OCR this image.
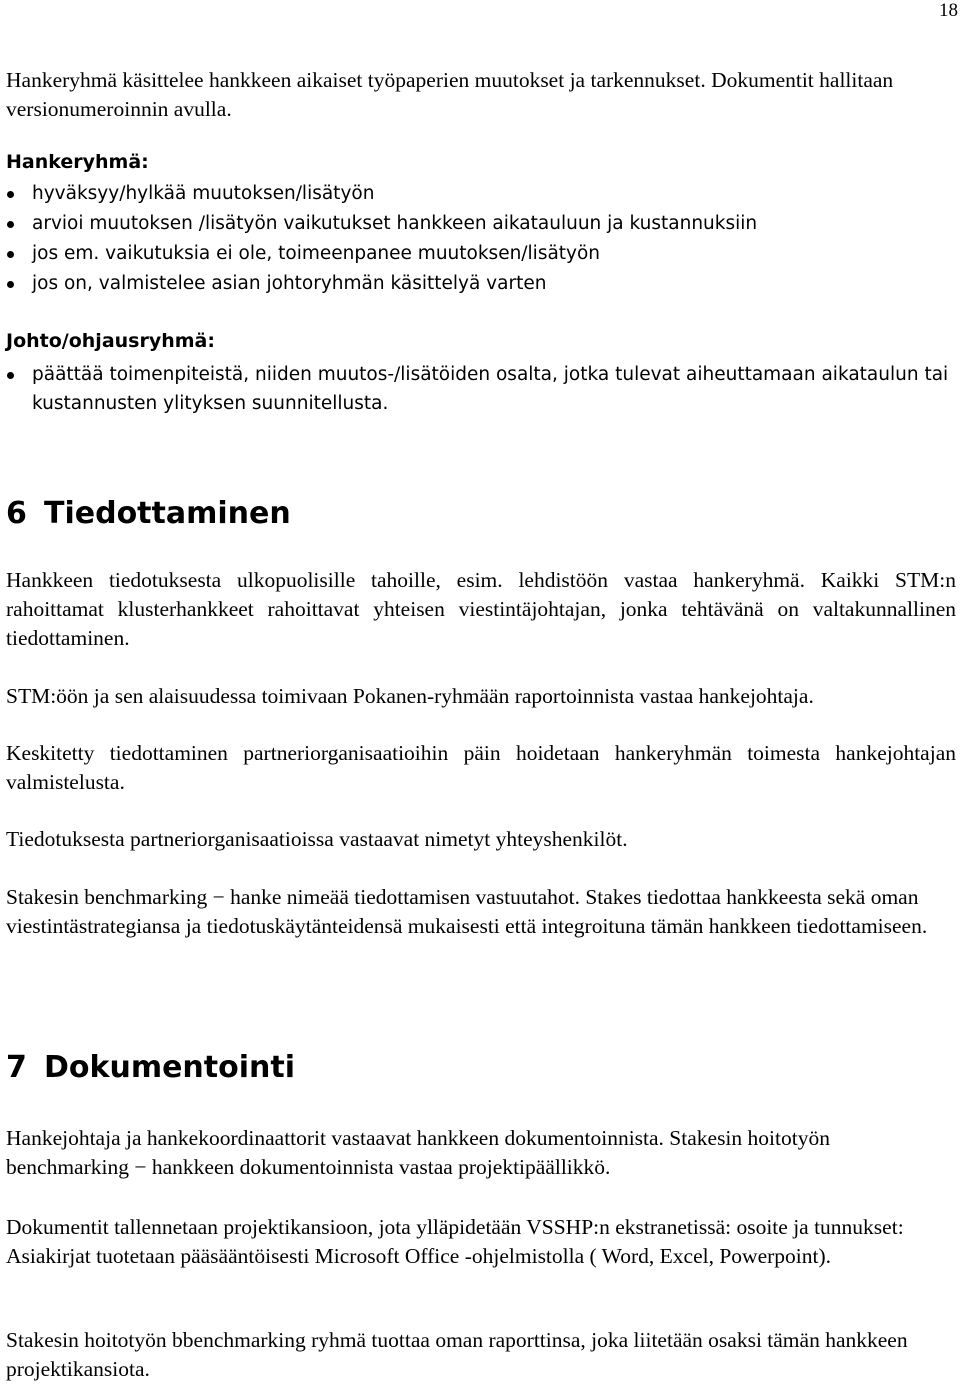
18

Hankeryhmä käsittelee hankkeen aikaiset työpaperien muutokset ja tarkennukset. Dokumentit hallitaan versionumeroinnin avulla.

Hankeryhmä:
hyväksyy/hylkää muutoksen/lisätyön
arvioi muutoksen /lisätyön vaikutukset hankkeen aikatauluun ja kustannuksiin
jos em. vaikutuksia ei ole, toimeenpanee muutoksen/lisätyön
jos on, valmistelee asian johtoryhmän käsittelyä varten
Johto/ohjausryhmä:
päättää toimenpiteistä, niiden muutos-/lisätöiden osalta, jotka tulevat aiheuttamaan aikataulun tai kustannusten ylityksen suunnitellusta.
6 Tiedottaminen

Hankkeen tiedotuksesta ulkopuolisille tahoille, esim. lehdistöön vastaa hankeryhmä. Kaikki STM:n rahoittamat klusterhankkeet rahoittavat yhteisen viestintäjohtajan, jonka tehtävänä on valtakunnallinen tiedottaminen.

STM:öön ja sen alaisuudessa toimivaan Pokanen-ryhmään raportoinnista vastaa hankejohtaja.

Keskitetty tiedottaminen partneriorganisaatioihin päin hoidetaan hankeryhmän toimesta hankejohtajan valmistelusta.

Tiedotuksesta partneriorganisaatioissa vastaavat nimetyt yhteyshenkilöt.

Stakesin benchmarking − hanke nimeää tiedottamisen vastuutahot. Stakes tiedottaa hankkeesta sekä oman viestintästrategiansa ja tiedotuskäytänteidensä mukaisesti että integroituna tämän hankkeen tiedottamiseen.

7 Dokumentointi

Hankejohtaja ja hankekoordinaattorit vastaavat hankkeen dokumentoinnista. Stakesin hoitotyön benchmarking − hankkeen dokumentoinnista vastaa projektipäällikkö.

Dokumentit tallennetaan projektikansioon, jota ylläpidetään VSSHP:n ekstranetissä: osoite ja tunnukset: Asiakirjat tuotetaan pääsääntöisesti Microsoft Office -ohjelmistolla ( Word, Excel, Powerpoint).

Stakesin hoitotyön bbenchmarking ryhmä tuottaa oman raporttinsa, joka liitetään osaksi tämän hankkeen projektikansiota.
